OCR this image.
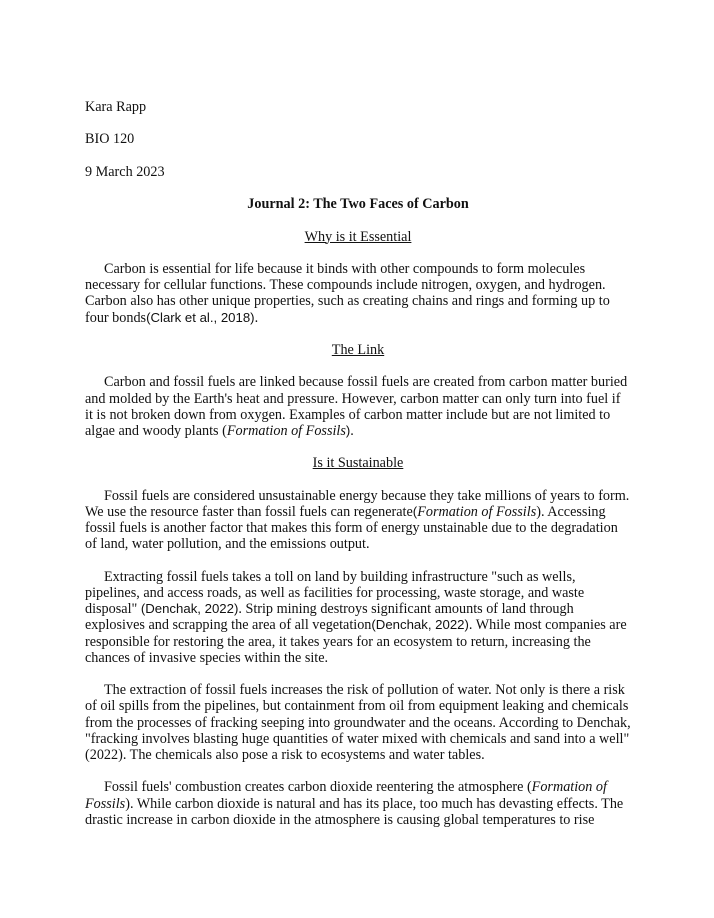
Kara Rapp

BIO 120

9 March 2023

Journal 2: The Two Faces of Carbon

Why is it Essential

Carbon is essential for life because it binds with other compounds to form molecules necessary for cellular functions. These compounds include nitrogen, oxygen, and hydrogen. Carbon also has other unique properties, such as creating chains and rings and forming up to four bonds(Clark et al., 2018).

The Link

Carbon and fossil fuels are linked because fossil fuels are created from carbon matter buried and molded by the Earth's heat and pressure. However, carbon matter can only turn into fuel if it is not broken down from oxygen. Examples of carbon matter include but are not limited to algae and woody plants (Formation of Fossils).

Is it Sustainable

Fossil fuels are considered unsustainable energy because they take millions of years to form. We use the resource faster than fossil fuels can regenerate(Formation of Fossils). Accessing fossil fuels is another factor that makes this form of energy unstainable due to the degradation of land, water pollution, and the emissions output.

Extracting fossil fuels takes a toll on land by building infrastructure "such as wells, pipelines, and access roads, as well as facilities for processing, waste storage, and waste disposal" (Denchak, 2022). Strip mining destroys significant amounts of land through explosives and scrapping the area of all vegetation(Denchak, 2022). While most companies are responsible for restoring the area, it takes years for an ecosystem to return, increasing the chances of invasive species within the site.

The extraction of fossil fuels increases the risk of pollution of water. Not only is there a risk of oil spills from the pipelines, but containment from oil from equipment leaking and chemicals from the processes of fracking seeping into groundwater and the oceans. According to Denchak, "fracking involves blasting huge quantities of water mixed with chemicals and sand into a well" (2022). The chemicals also pose a risk to ecosystems and water tables.

Fossil fuels' combustion creates carbon dioxide reentering the atmosphere (Formation of Fossils). While carbon dioxide is natural and has its place, too much has devasting effects. The drastic increase in carbon dioxide in the atmosphere is causing global temperatures to rise
